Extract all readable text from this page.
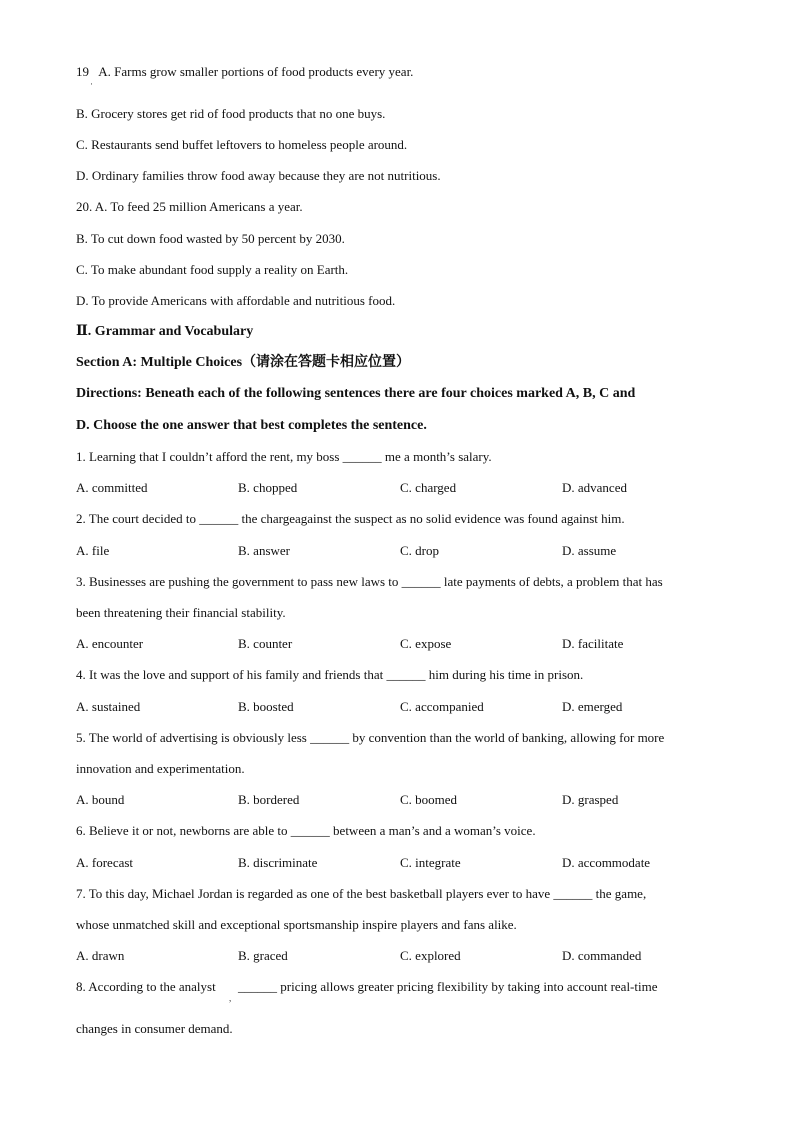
19 A. Farms grow smaller portions of food products every year.
·
B. Grocery stores get rid of food products that no one buys.
C. Restaurants send buffet leftovers to homeless people around.
D. Ordinary families throw food away because they are not nutritious.
20. A. To feed 25 million Americans a year.
B. To cut down food wasted by 50 percent by 2030.
C. To make abundant food supply a reality on Earth.
D. To provide Americans with affordable and nutritious food.
Ⅱ. Grammar and Vocabulary
Section A: Multiple Choices（请涂在答题卡相应位置）
Directions: Beneath each of the following sentences there are four choices marked A, B, C and
D. Choose the one answer that best completes the sentence.
1. Learning that I couldn’t afford the rent, my boss ______ me a month’s salary.
A. committed	B. chopped	C. charged	D. advanced
2. The court decided to ______ the chargeagainst the suspect as no solid evidence was found against him.
A. file	B. answer	C. drop	D. assume
3. Businesses are pushing the government to pass new laws to ______ late payments of debts, a problem that has
been threatening their financial stability.
A. encounter	B. counter	C. expose	D. facilitate
4. It was the love and support of his family and friends that ______ him during his time in prison.
A. sustained	B. boosted	C. accompanied	D. emerged
5. The world of advertising is obviously less ______ by convention than the world of banking, allowing for more
innovation and experimentation.
A. bound	B. bordered	C. boomed	D. grasped
6. Believe it or not, newborns are able to ______ between a man’s and a woman’s voice.
A. forecast	B. discriminate	C. integrate	D. accommodate
7. To this day, Michael Jordan is regarded as one of the best basketball players ever to have ______ the game,
whose unmatched skill and exceptional sportsmanship inspire players and fans alike.
A. drawn	B. graced	C. explored	D. commanded
8. According to the analyst
,
______ pricing allows greater pricing flexibility by taking into account real-time
changes in consumer demand.
